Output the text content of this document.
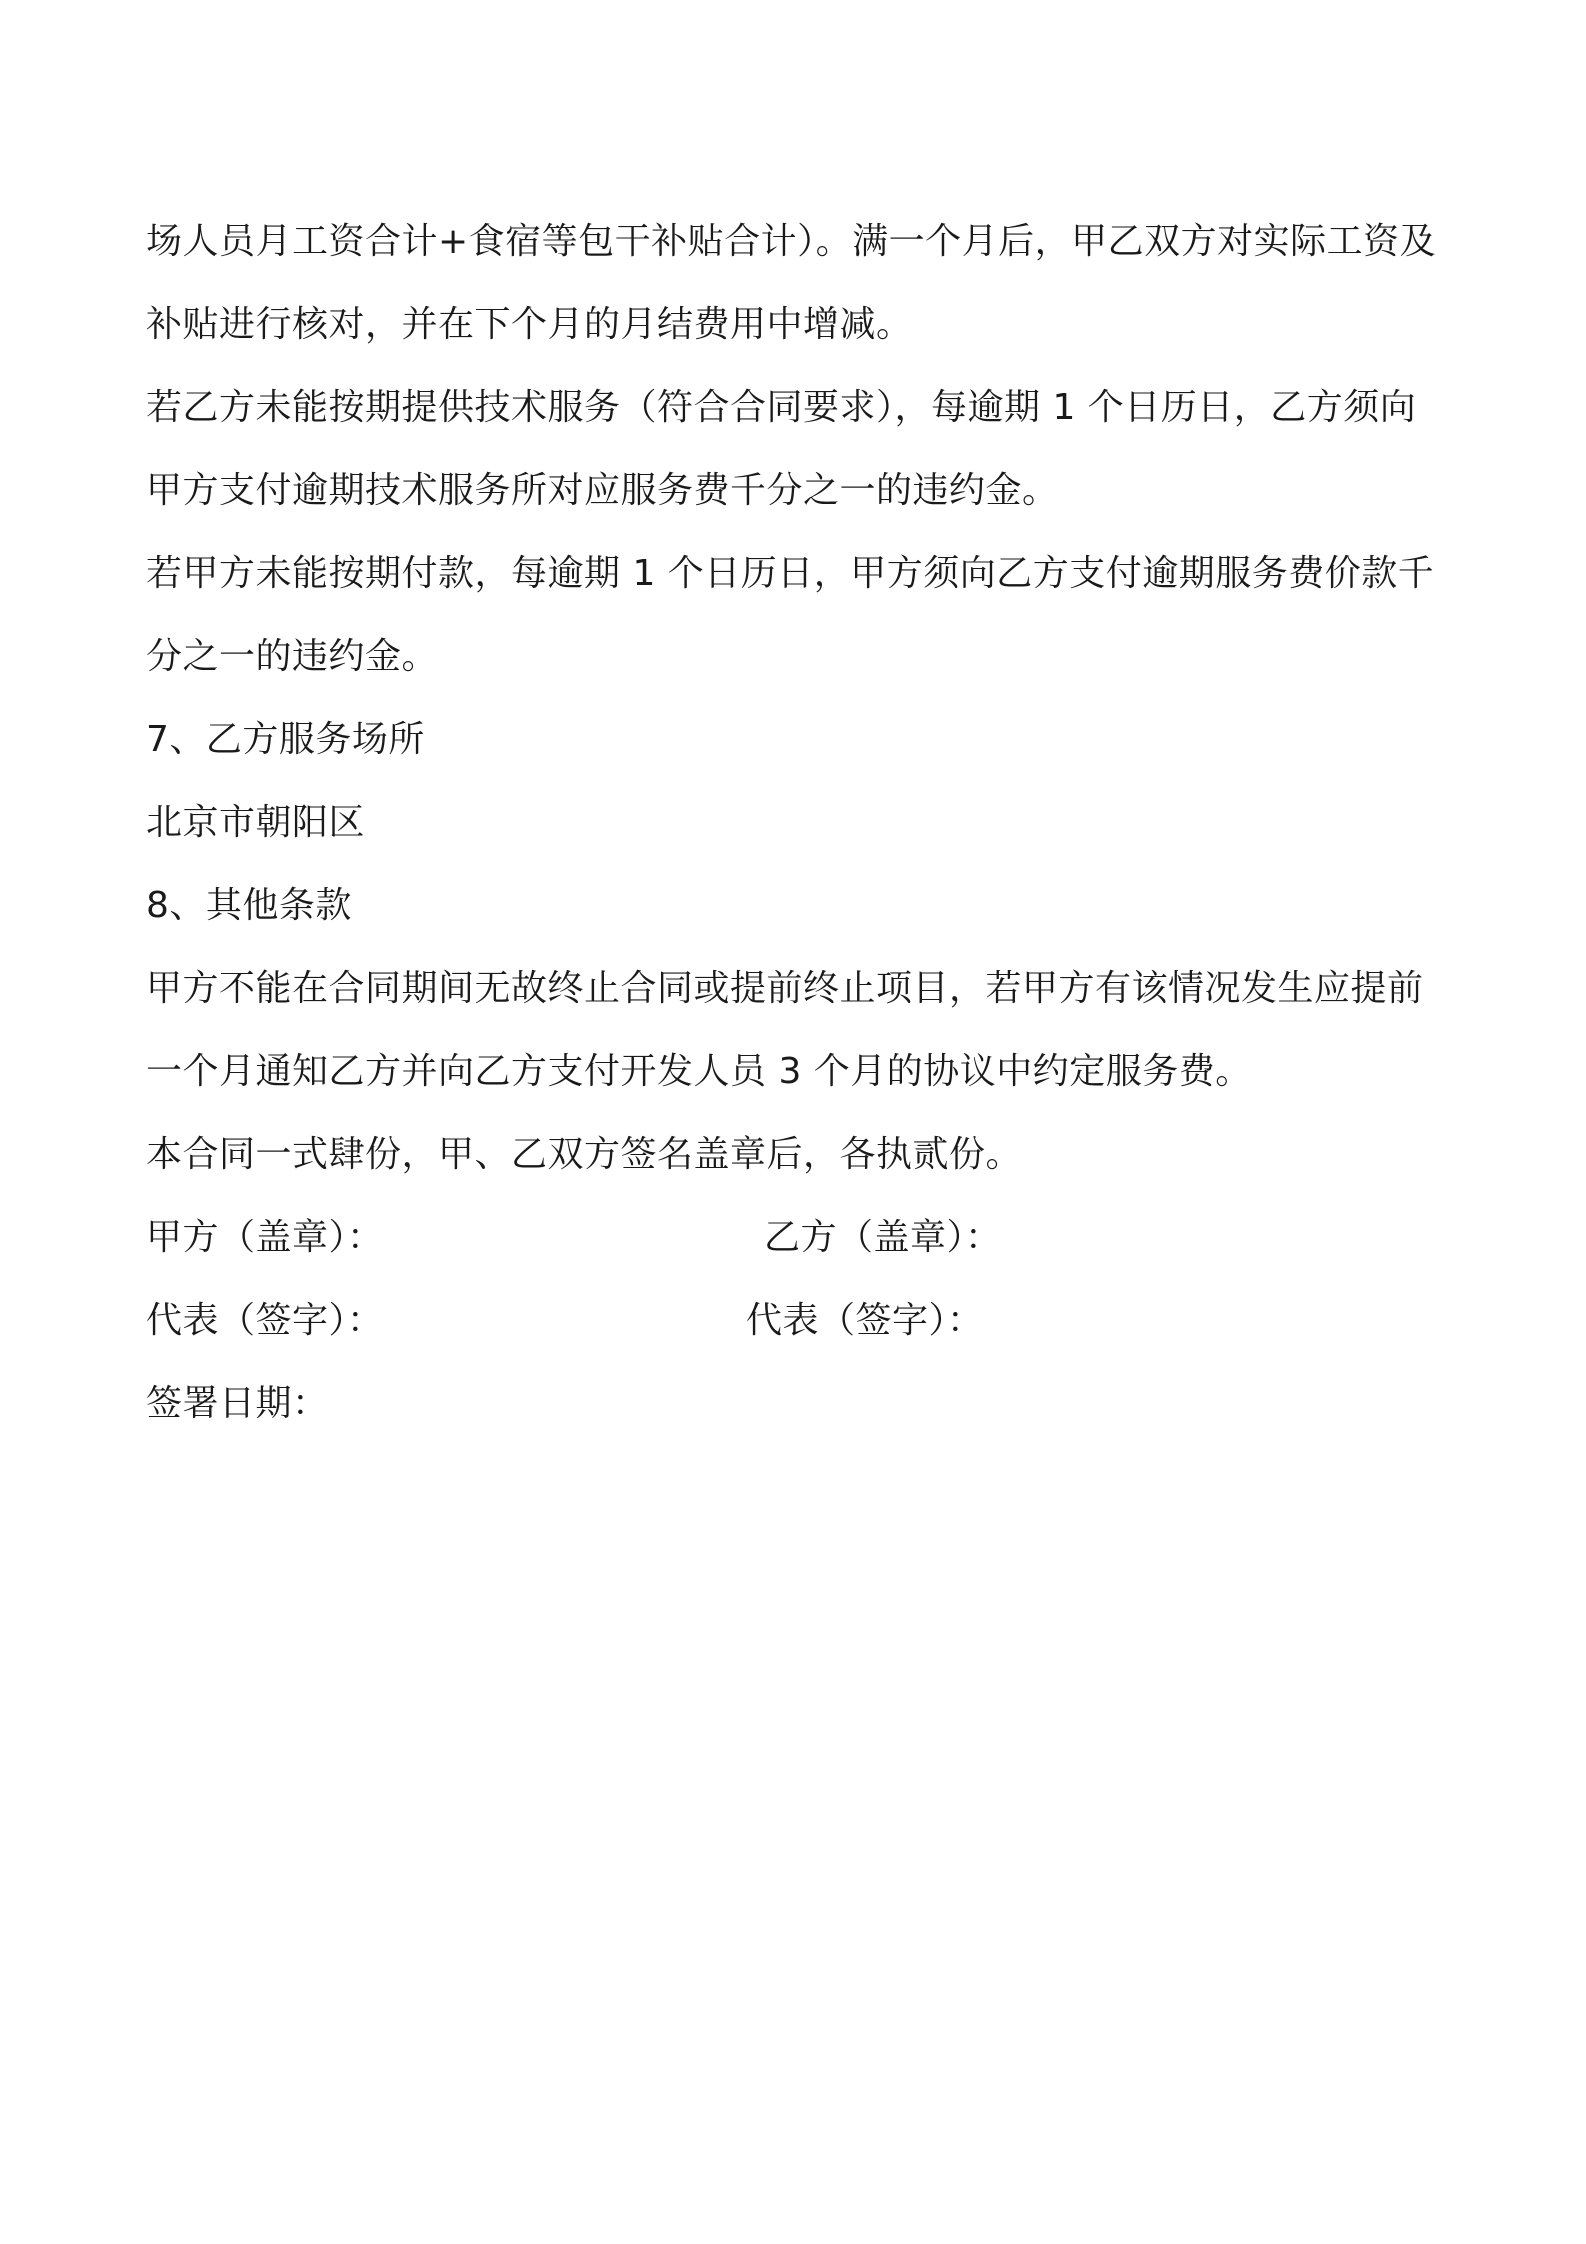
场人员月工资合计+食宿等包干补贴合计）。满一个月后，甲乙双方对实际工资及
补贴进行核对，并在下个月的月结费用中增减。
若乙方未能按期提供技术服务（符合合同要求），每逾期 1 个日历日，乙方须向
甲方支付逾期技术服务所对应服务费千分之一的违约金。
若甲方未能按期付款，每逾期 1 个日历日，甲方须向乙方支付逾期服务费价款千
分之一的违约金。
7、乙方服务场所
北京市朝阳区
8、其他条款
甲方不能在合同期间无故终止合同或提前终止项目，若甲方有该情况发生应提前
一个月通知乙方并向乙方支付开发人员 3 个月的协议中约定服务费。
本合同一式肆份，甲、乙双方签名盖章后，各执贰份。
甲方（盖章）：	乙方（盖章）：
代表（签字）：	代表（签字）：
签署日期：
